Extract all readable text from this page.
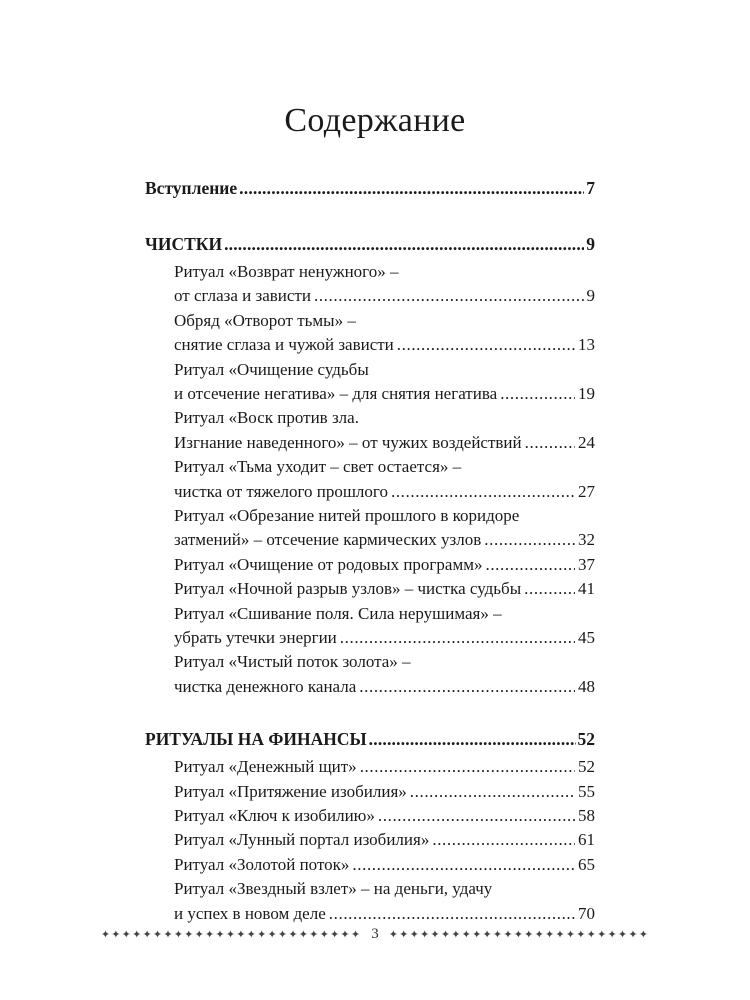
Содержание
Вступление .....	7
ЧИСТКИ .....	9
Ритуал «Возврат ненужного» –
от сглаза и зависти .....	9
Обряд «Отворот тьмы» –
снятие сглаза и чужой зависти .....	13
Ритуал «Очищение судьбы
и отсечение негатива» – для снятия негатива .....	19
Ритуал «Воск против зла.
Изгнание наведенного» – от чужих воздействий .....	24
Ритуал «Тьма уходит – свет остается» –
чистка от тяжелого прошлого .....	27
Ритуал «Обрезание нитей прошлого в коридоре
затмений» – отсечение кармических узлов .....	32
Ритуал «Очищение от родовых программ» .....	37
Ритуал «Ночной разрыв узлов» – чистка судьбы .....	41
Ритуал «Сшивание поля. Сила нерушимая» –
убрать утечки энергии .....	45
Ритуал «Чистый поток золота» –
чистка денежного канала .....	48
РИТУАЛЫ НА ФИНАНСЫ .....	52
Ритуал «Денежный щит» .....	52
Ритуал «Притяжение изобилия» .....	55
Ритуал «Ключ к изобилию» .....	58
Ритуал «Лунный портал изобилия» .....	61
Ритуал «Золотой поток» .....	65
Ритуал «Звездный взлет» – на деньги, удачу
и успех в новом деле .....	70
✦✦✦✦✦✦✦✦✦✦✦✦✦✦✦✦✦✦✦✦✦✦✦✦✦ 3 ✦✦✦✦✦✦✦✦✦✦✦✦✦✦✦✦✦✦✦✦✦✦✦✦✦
